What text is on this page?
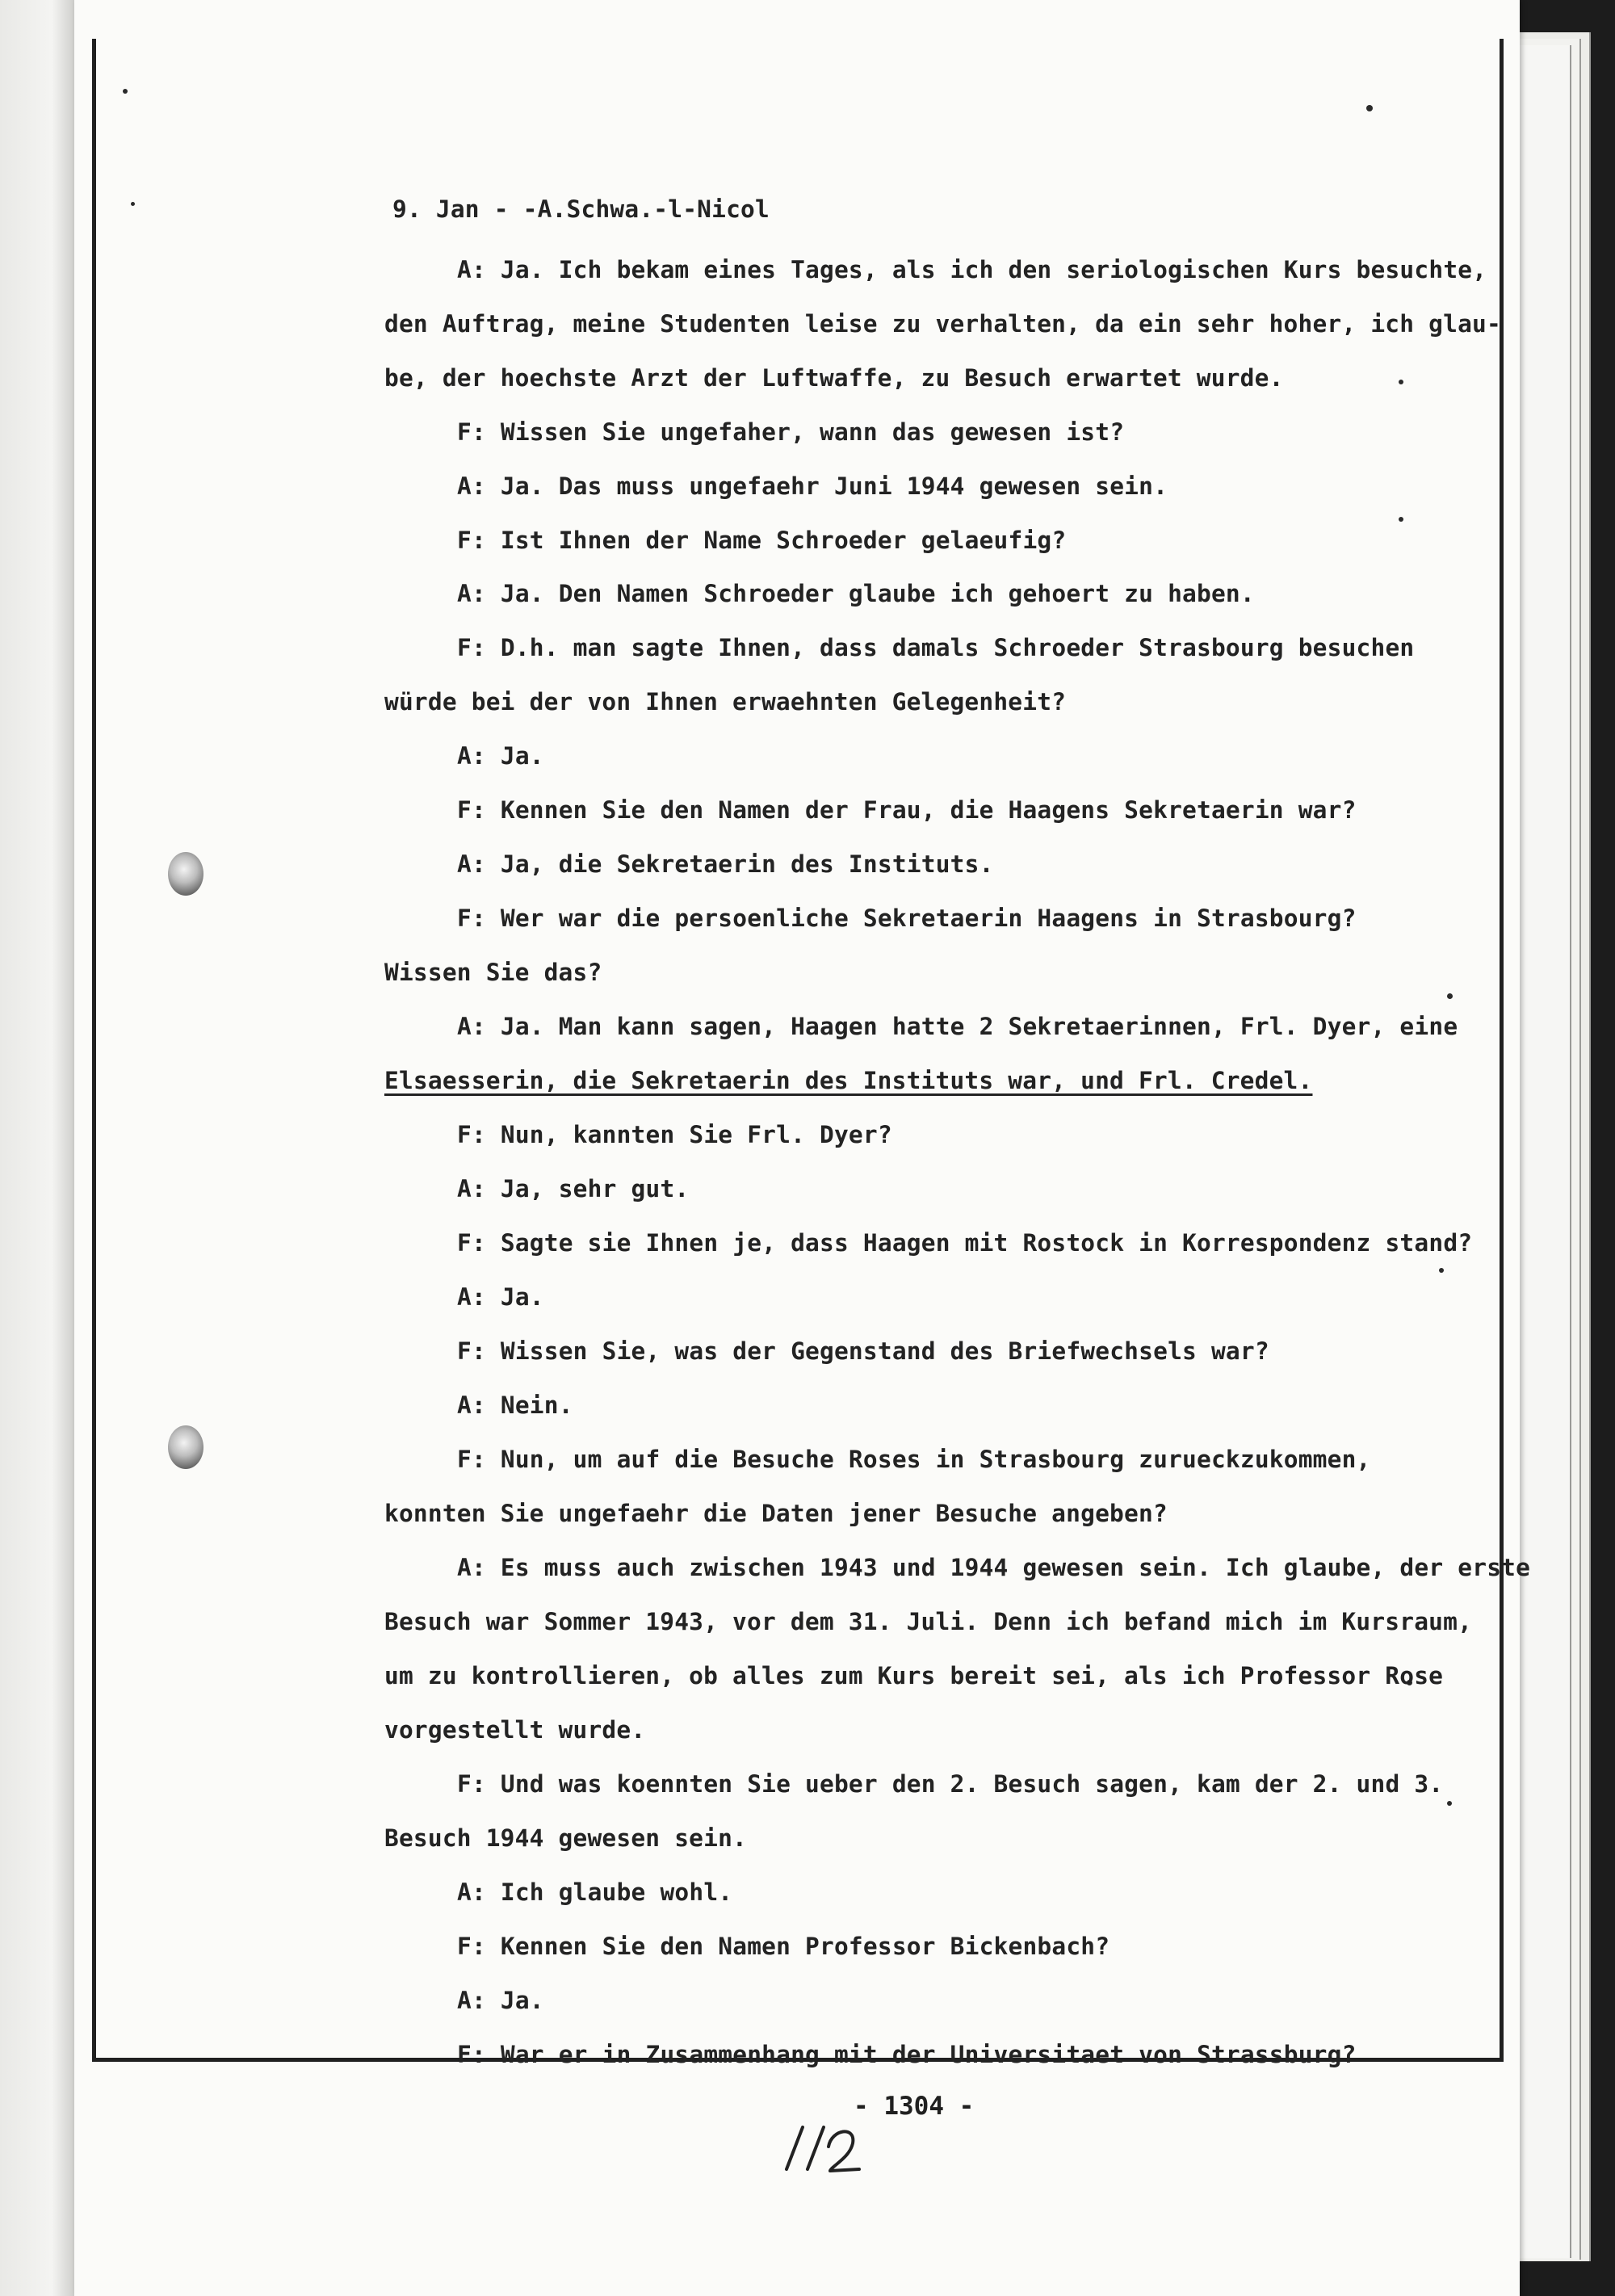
9. Jan - -A.Schwa.-l-Nicol

A: Ja. Ich bekam eines Tages, als ich den seriologischen Kurs besuchte,

den Auftrag, meine Studenten leise zu verhalten, da ein sehr hoher, ich glau-

be, der hoechste Arzt der Luftwaffe, zu Besuch erwartet wurde.

F: Wissen Sie ungefaher, wann das gewesen ist?

A: Ja. Das muss ungefaehr Juni 1944 gewesen sein.

F: Ist Ihnen der Name Schroeder gelaeufig?

A: Ja. Den Namen Schroeder glaube ich gehoert zu haben.

F: D.h. man sagte Ihnen, dass damals Schroeder Strasbourg besuchen

würde bei der von Ihnen erwaehnten Gelegenheit?

A: Ja.

F: Kennen Sie den Namen der Frau, die Haagens Sekretaerin war?

A: Ja, die Sekretaerin des Instituts.

F: Wer war die persoenliche Sekretaerin Haagens in Strasbourg?

Wissen Sie das?

A: Ja. Man kann sagen, Haagen hatte 2 Sekretaerinnen, Frl. Dyer, eine

Elsaesserin, die Sekretaerin des Instituts war, und Frl. Credel.

F: Nun, kannten Sie Frl. Dyer?

A: Ja, sehr gut.

F: Sagte sie Ihnen je, dass Haagen mit Rostock in Korrespondenz stand?

A: Ja.

F: Wissen Sie, was der Gegenstand des Briefwechsels war?

A: Nein.

F: Nun, um auf die Besuche Roses in Strasbourg zurueckzukommen,

konnten Sie ungefaehr die Daten jener Besuche angeben?

A: Es muss auch zwischen 1943 und 1944 gewesen sein. Ich glaube, der erste

Besuch war Sommer 1943, vor dem 31. Juli. Denn ich befand mich im Kursraum,

um zu kontrollieren, ob alles zum Kurs bereit sei, als ich Professor Rose

vorgestellt wurde.

F: Und was koennten Sie ueber den 2. Besuch sagen, kam der 2. und 3.

Besuch 1944 gewesen sein.

A: Ich glaube wohl.

F: Kennen Sie den Namen Professor Bickenbach?

A: Ja.

F: War er in Zusammenhang mit der Universitaet von Strassburg?

- 1304 -
